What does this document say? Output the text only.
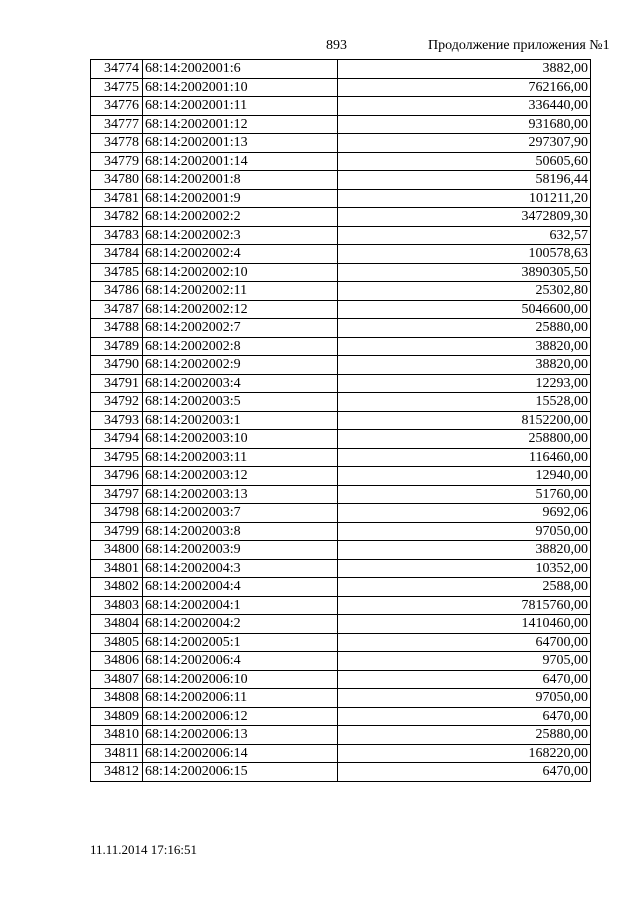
893	Продолжение приложения №1
34774	68:14:2002001:6	3882,00
34775	68:14:2002001:10	762166,00
34776	68:14:2002001:11	336440,00
34777	68:14:2002001:12	931680,00
34778	68:14:2002001:13	297307,90
34779	68:14:2002001:14	50605,60
34780	68:14:2002001:8	58196,44
34781	68:14:2002001:9	101211,20
34782	68:14:2002002:2	3472809,30
34783	68:14:2002002:3	632,57
34784	68:14:2002002:4	100578,63
34785	68:14:2002002:10	3890305,50
34786	68:14:2002002:11	25302,80
34787	68:14:2002002:12	5046600,00
34788	68:14:2002002:7	25880,00
34789	68:14:2002002:8	38820,00
34790	68:14:2002002:9	38820,00
34791	68:14:2002003:4	12293,00
34792	68:14:2002003:5	15528,00
34793	68:14:2002003:1	8152200,00
34794	68:14:2002003:10	258800,00
34795	68:14:2002003:11	116460,00
34796	68:14:2002003:12	12940,00
34797	68:14:2002003:13	51760,00
34798	68:14:2002003:7	9692,06
34799	68:14:2002003:8	97050,00
34800	68:14:2002003:9	38820,00
34801	68:14:2002004:3	10352,00
34802	68:14:2002004:4	2588,00
34803	68:14:2002004:1	7815760,00
34804	68:14:2002004:2	1410460,00
34805	68:14:2002005:1	64700,00
34806	68:14:2002006:4	9705,00
34807	68:14:2002006:10	6470,00
34808	68:14:2002006:11	97050,00
34809	68:14:2002006:12	6470,00
34810	68:14:2002006:13	25880,00
34811	68:14:2002006:14	168220,00
34812	68:14:2002006:15	6470,00
11.11.2014 17:16:51
